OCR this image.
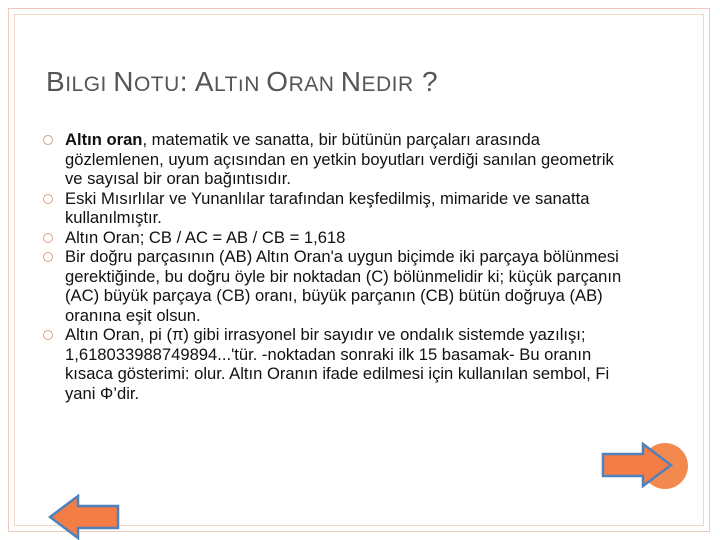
BILGI NOTU: ALTıN ORAN NEDIR ?
Altın oran, matematik ve sanatta, bir bütünün parçaları arasında gözlemlenen, uyum açısından en yetkin boyutları verdiği sanılan geometrik ve sayısal bir oran bağıntısıdır.
Eski Mısırlılar ve Yunanlılar tarafından keşfedilmiş, mimaride ve sanatta kullanılmıştır.
Altın Oran; CB / AC = AB / CB = 1,618
Bir doğru parçasının (AB) Altın Oran'a uygun biçimde iki parçaya bölünmesi gerektiğinde, bu doğru öyle bir noktadan (C) bölünmelidir ki; küçük parçanın (AC) büyük parçaya (CB) oranı, büyük parçanın (CB) bütün doğruya (AB) oranına eşit olsun.
Altın Oran, pi (π) gibi irrasyonel bir sayıdır ve ondalık sistemde yazılışı; 1,618033988749894...'tür. -noktadan sonraki ilk 15 basamak- Bu oranın kısaca gösterimi: olur. Altın Oranın ifade edilmesi için kullanılan sembol, Fi yani Φ’dir.
